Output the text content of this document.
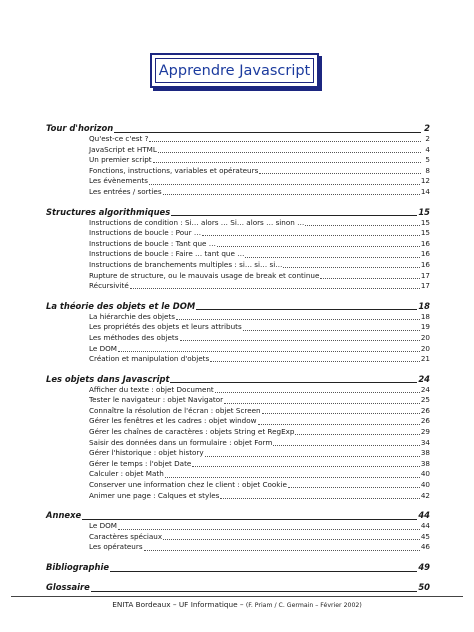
Apprendre Javascript
Tour d'horizon	2
Qu'est-ce c'est ?	2
JavaScript et HTML	4
Un premier script	5
Fonctions, instructions, variables et opérateurs	8
Les évènements	12
Les entrées / sorties	14
Structures algorithmiques	15
Instructions de condition : Si… alors … Si… alors … sinon …	15
Instructions de boucle : Pour …	15
Instructions de boucle : Tant que …	16
Instructions de boucle : Faire … tant que …	16
Instructions de branchements multiples : si… si… si…	16
Rupture de structure, ou le mauvais usage de break et continue	17
Récursivité	17
La théorie des objets et le DOM	18
La hiérarchie des objets	18
Les propriétés des objets et leurs attributs	19
Les méthodes des objets	20
Le DOM	20
Création et manipulation d'objets	21
Les objets dans Javascript	24
Afficher du texte : objet Document	24
Tester le navigateur : objet Navigator	25
Connaître la résolution de l'écran : objet Screen	26
Gérer les fenêtres et les cadres : objet window	26
Gérer les chaînes de caractères : objets String et RegExp	29
Saisir des données dans un formulaire : objet Form	34
Gérer l'historique : objet history	38
Gérer le temps : l'objet Date	38
Calculer : objet Math	40
Conserver une information chez le client : objet Cookie	40
Animer une page : Calques et styles	42
Annexe	44
Le DOM	44
Caractères spéciaux	45
Les opérateurs	46
Bibliographie	49
Glossaire	50
ENITA Bordeaux – UF Informatique – (F. Priam / C. Germain – Février 2002)
